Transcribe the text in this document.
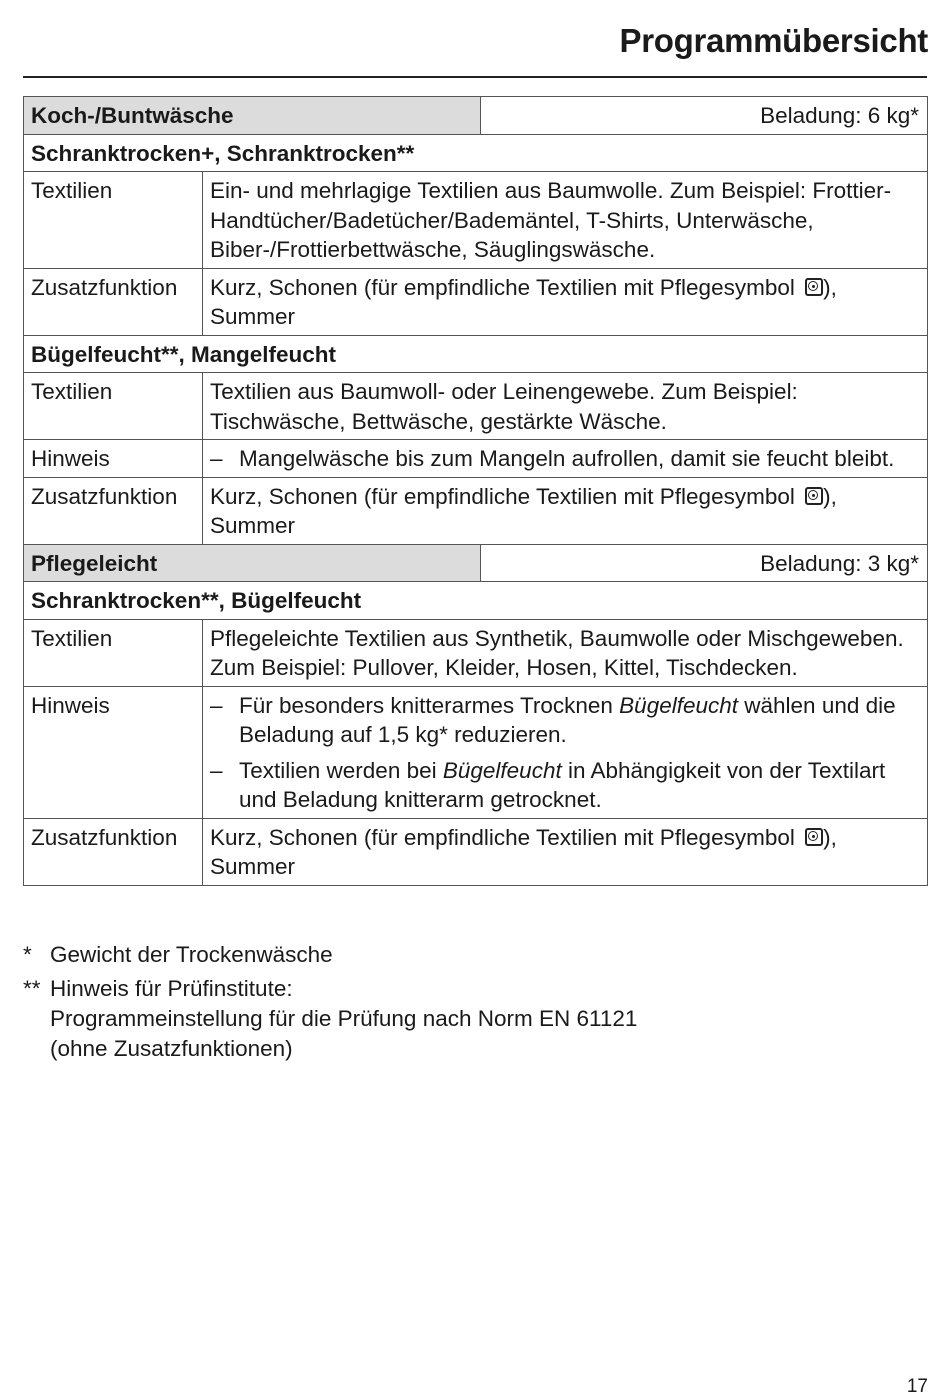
Programmübersicht
Koch-/Buntwäsche		Beladung: 6 kg*
Schranktrocken+, Schranktrocken**		
Textilien	Ein- und mehrlagige Textilien aus Baumwolle. Zum Beispiel: Frottier-Handtücher/Badetücher/Bademäntel, T-Shirts, Unterwäsche, Biber-/Frottierbettwäsche, Säuglingswäsche.	
Zusatzfunktion	Kurz, Schonen (für empfindliche Textilien mit Pflegesymbol ), Summer	
Bügelfeucht**, Mangelfeucht		
Textilien	Textilien aus Baumwoll- oder Leinengewebe. Zum Beispiel: Tischwäsche, Bettwäsche, gestärkte Wäsche.	
Hinweis	– Mangelwäsche bis zum Mangeln aufrollen, damit sie feucht bleibt.	

Zusatzfunktion	Kurz, Schonen (für empfindliche Textilien mit Pflegesymbol ), Summer	
Pflegeleicht		Beladung: 3 kg*
Schranktrocken**, Bügelfeucht		
Textilien	Pflegeleichte Textilien aus Synthetik, Baumwolle oder Mischgeweben. Zum Beispiel: Pullover, Kleider, Hosen, Kittel, Tischdecken.	
Hinweis	– Für besonders knitterarmes Trocknen Bügelfeucht wählen und die Beladung auf 1,5 kg* reduzieren.
– Textilien werden bei Bügelfeucht in Abhängigkeit von der Textilart und Beladung knitterarm getrocknet.	

Zusatzfunktion	Kurz, Schonen (für empfindliche Textilien mit Pflegesymbol ), Summer	
* Gewicht der Trockenwäsche
** Hinweis für Prüfinstitute:
Programmeinstellung für die Prüfung nach Norm EN 61121
(ohne Zusatzfunktionen)
17
